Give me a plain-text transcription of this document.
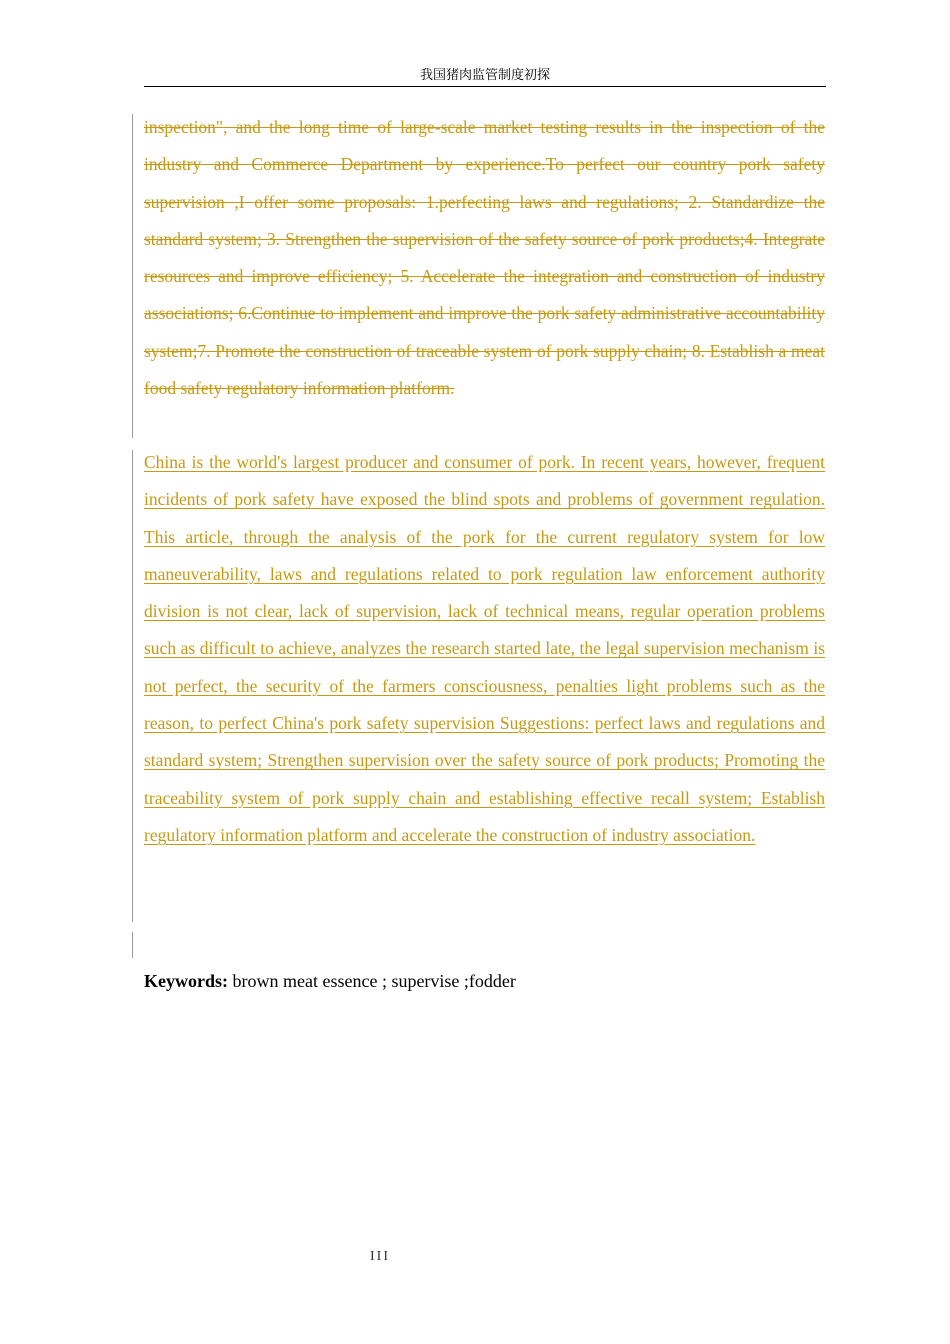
我国猪肉监管制度初探

inspection", and the long time of large-scale market testing results in the inspection of the industry and Commerce Department by experience.To perfect our country pork safety supervision ,I offer some proposals: 1.perfecting laws and regulations; 2. Standardize the standard system; 3. Strengthen the supervision of the safety source of pork products;4. Integrate resources and improve efficiency; 5. Accelerate the integration and construction of industry associations; 6.Continue to implement and improve the pork safety administrative accountability system;7. Promote the construction of traceable system of pork supply chain; 8. Establish a meat food safety regulatory information platform.

China is the world's largest producer and consumer of pork. In recent years, however, frequent incidents of pork safety have exposed the blind spots and problems of government regulation. This article, through the analysis of the pork for the current regulatory system for low maneuverability, laws and regulations related to pork regulation law enforcement authority division is not clear, lack of supervision, lack of technical means, regular operation problems such as difficult to achieve, analyzes the research started late, the legal supervision mechanism is not perfect, the security of the farmers consciousness, penalties light problems such as the reason, to perfect China's pork safety supervision Suggestions: perfect laws and regulations and standard system; Strengthen supervision over the safety source of pork products; Promoting the traceability system of pork supply chain and establishing effective recall system; Establish regulatory information platform and accelerate the construction of industry association.

Keywords: brown meat essence ; supervise ;fodder

III
